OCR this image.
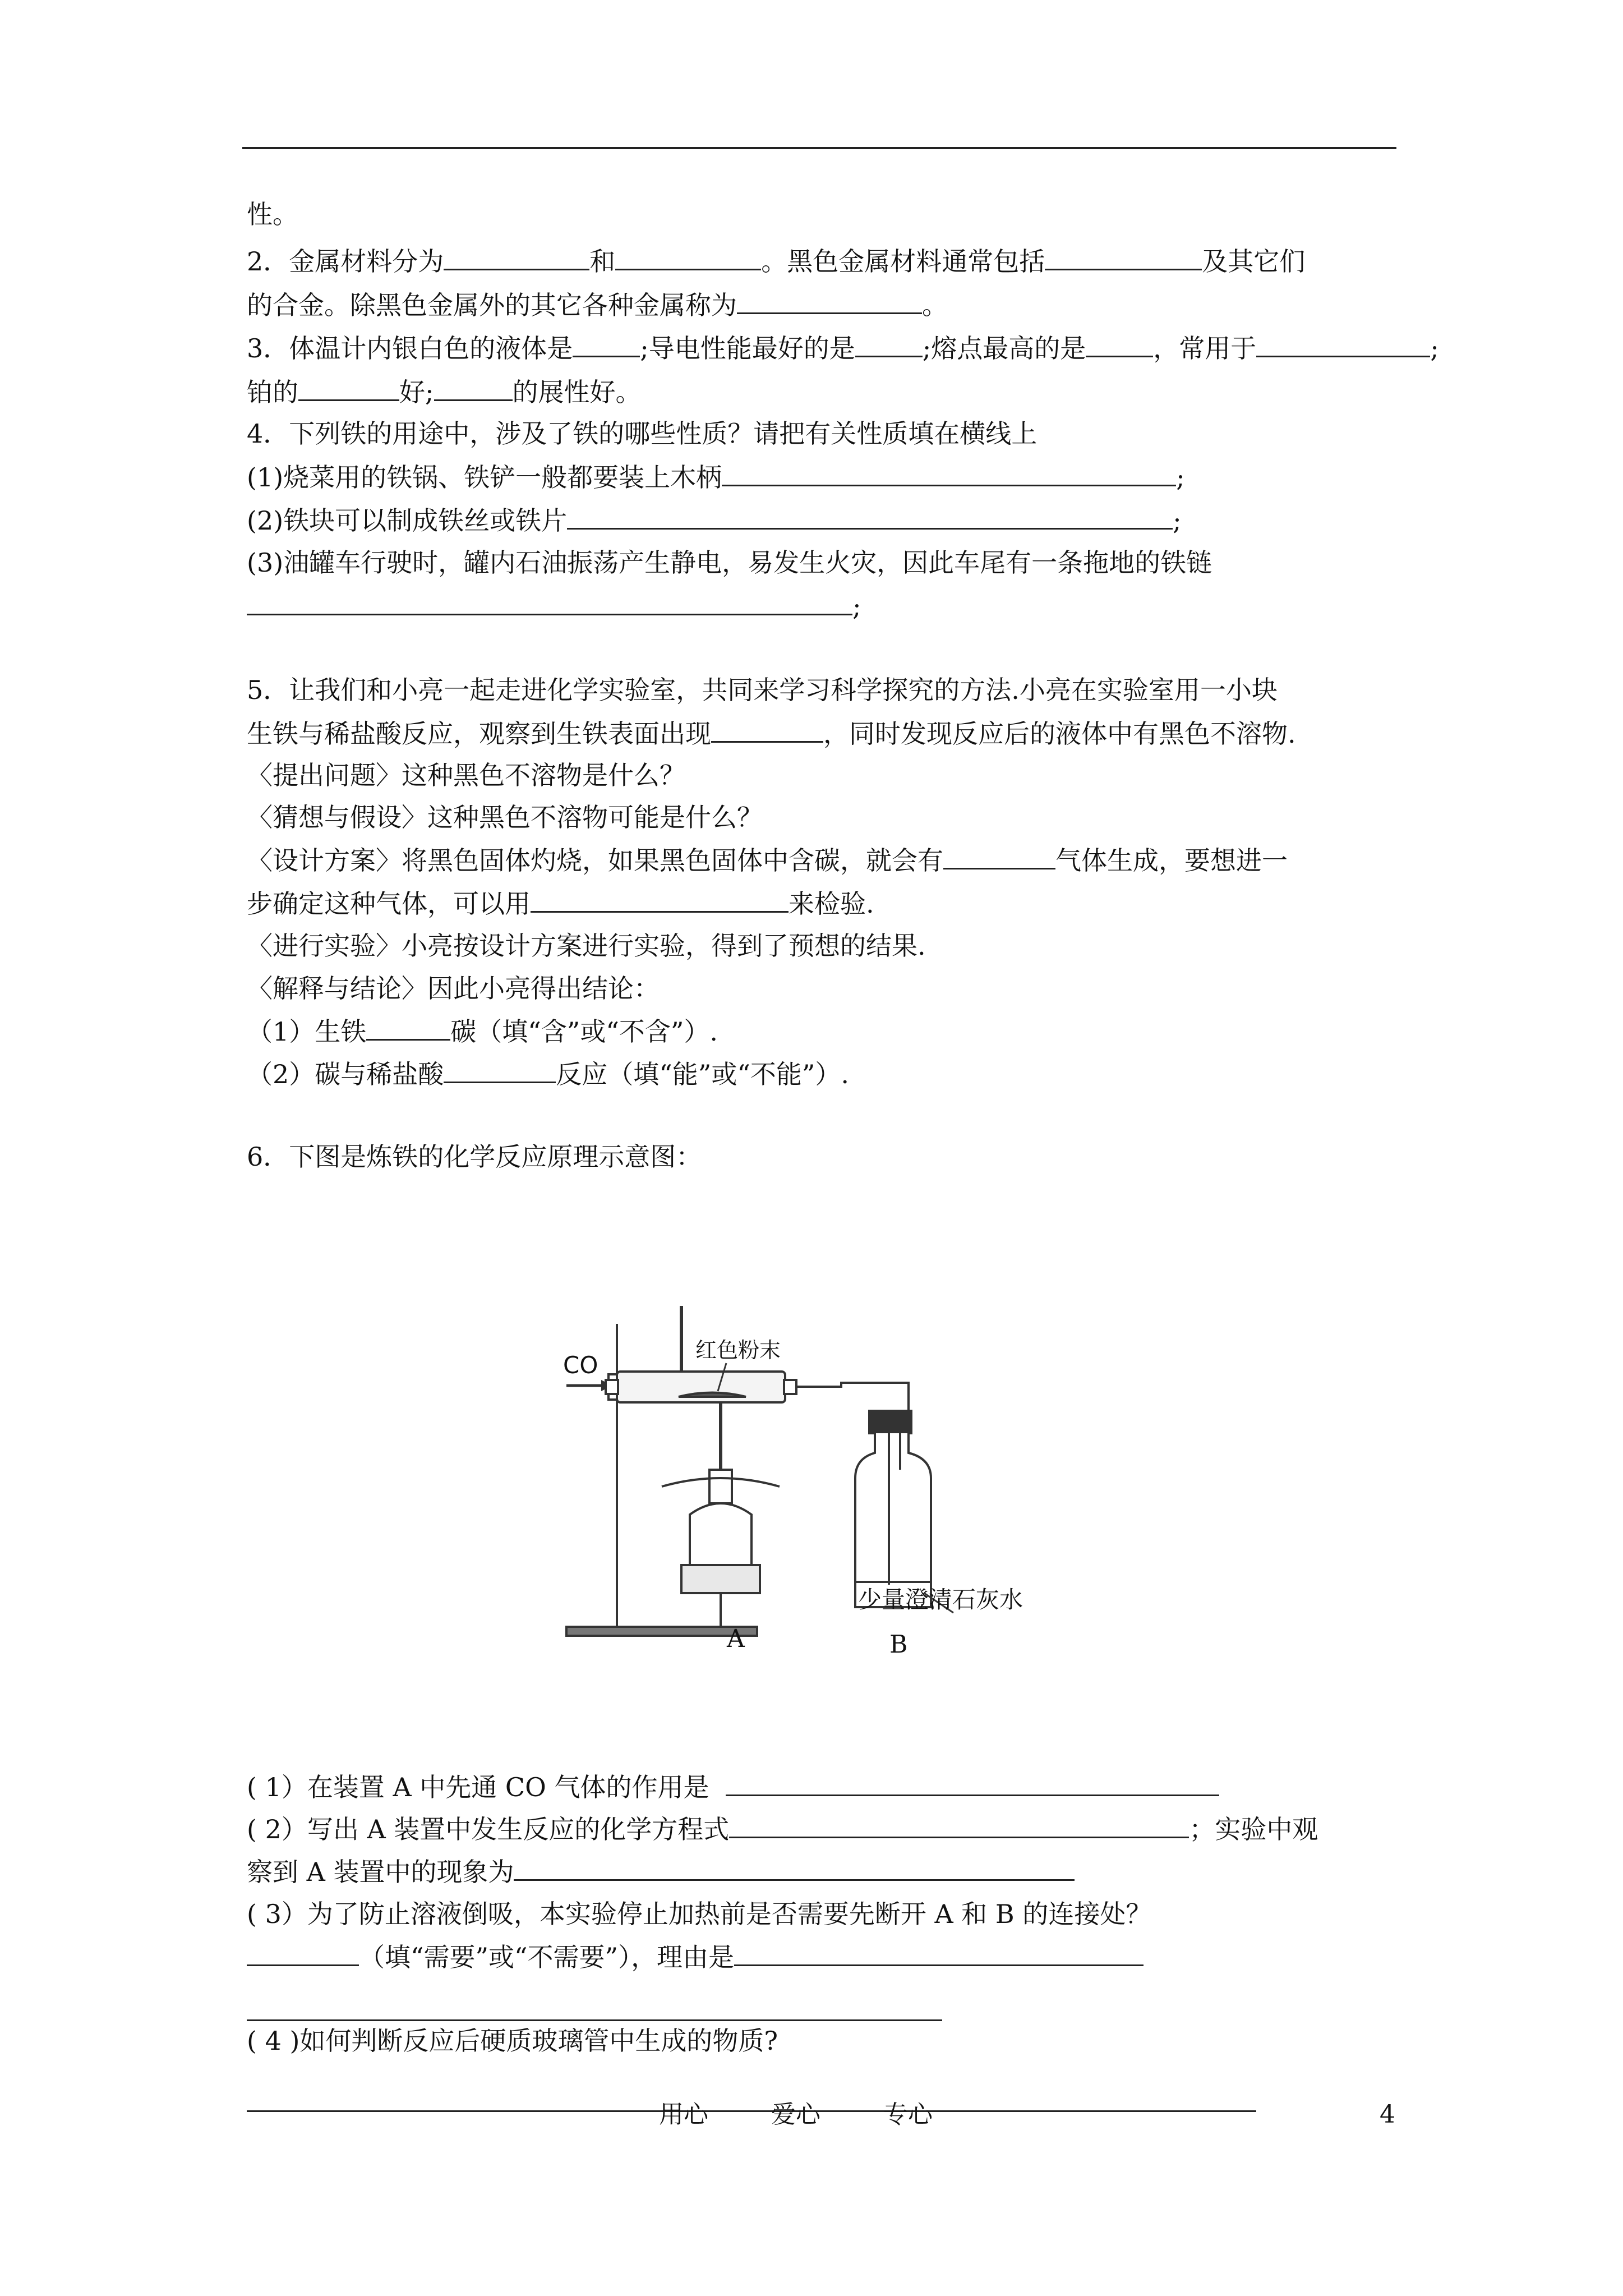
性。
2．金属材料分为	和	。黑色金属材料通常包括	及其它们
的合金。除黑色金属外的其它各种金属称为	。
3．体温计内银白色的液体是	;导电性能最好的是	;熔点最高的是	，常用于	;
铂的	好;	的展性好。
4．下列铁的用途中，涉及了铁的哪些性质？请把有关性质填在横线上
(1)烧菜用的铁锅、铁铲一般都要装上木柄	;
(2)铁块可以制成铁丝或铁片	;
(3)油罐车行驶时，罐内石油振荡产生静电，易发生火灾，因此车尾有一条拖地的铁链
;
5．让我们和小亮一起走进化学实验室，共同来学习科学探究的方法.小亮在实验室用一小块
生铁与稀盐酸反应，观察到生铁表面出现	，同时发现反应后的液体中有黑色不溶物.
〈提出问题〉这种黑色不溶物是什么？
〈猜想与假设〉这种黑色不溶物可能是什么？
〈设计方案〉将黑色固体灼烧，如果黑色固体中含碳，就会有	气体生成，要想进一
步确定这种气体，可以用	来检验.
〈进行实验〉小亮按设计方案进行实验，得到了预想的结果.
〈解释与结论〉因此小亮得出结论：
（1）生铁	碳（填“含”或“不含”）.
（2）碳与稀盐酸	反应（填“能”或“不能”）.
6．下图是炼铁的化学反应原理示意图：
CO
红色粉末
少量澄清石灰水
A	B
( 1）在装置 A 中先通 CO 气体的作用是
( 2）写出 A 装置中发生反应的化学方程式	；实验中观
察到 A 装置中的现象为
( 3）为了防止溶液倒吸，本实验停止加热前是否需要先断开 A 和 B 的连接处？
（填“需要”或“不需要”），理由是
( 4 )如何判断反应后硬质玻璃管中生成的物质?
用心	爱心	专心	4
